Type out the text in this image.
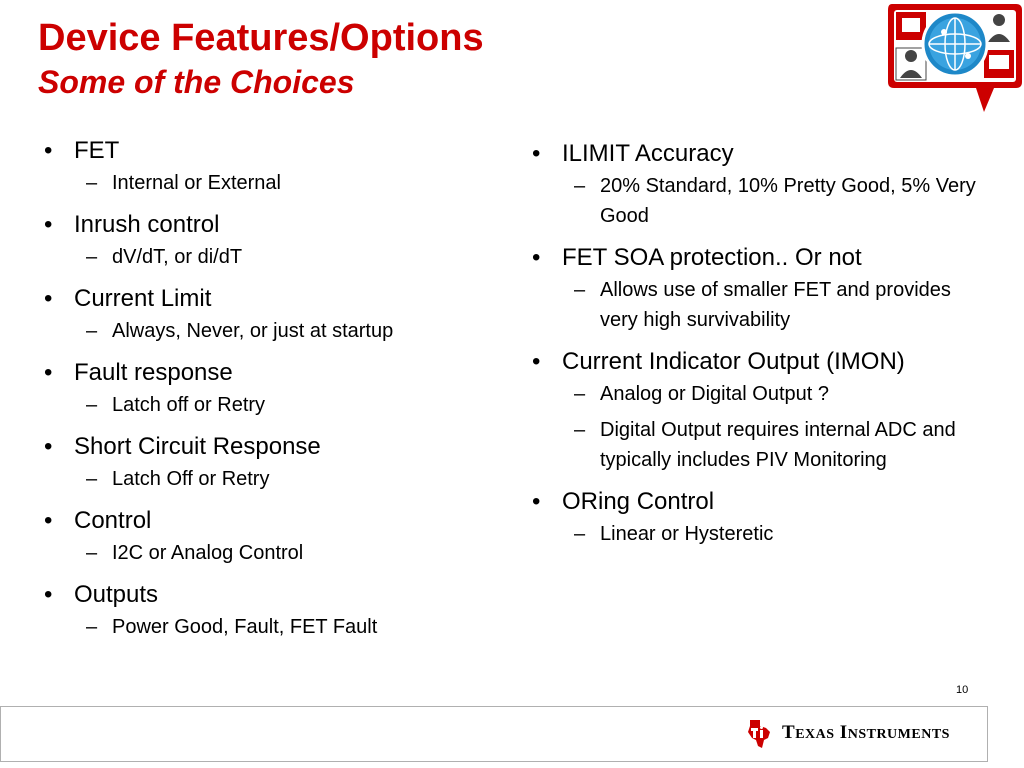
Device Features/Options
Some of the Choices
• FET
– Internal or External
• Inrush control
– dV/dT, or di/dT
• Current Limit
– Always, Never, or just at startup
• Fault response
– Latch off or Retry
• Short Circuit Response
– Latch Off or Retry
• Control
– I2C or Analog Control
• Outputs
– Power Good, Fault, FET Fault
• ILIMIT Accuracy
– 20% Standard, 10% Pretty Good, 5% Very Good
• FET SOA protection.. Or not
– Allows use of smaller FET and provides very high survivability
• Current Indicator Output (IMON)
– Analog or Digital Output ?
– Digital Output requires internal ADC and typically includes PIV Monitoring
• ORing Control
– Linear or Hysteretic
10
TEXAS INSTRUMENTS
